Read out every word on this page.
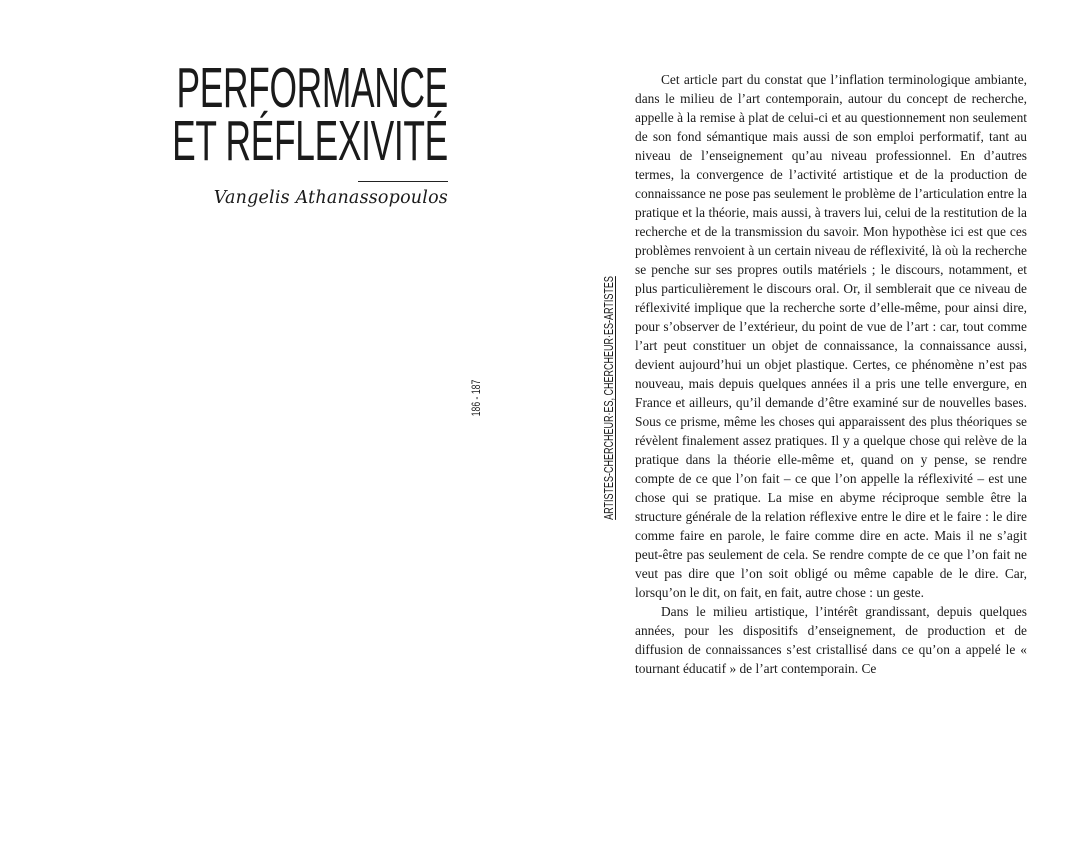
PERFORMANCE
ET RÉFLEXIVITÉ
Vangelis Athanassopoulos
186 - 187	ARTISTES-CHERCHEUR·ES, CHERCHEUR·ES-ARTISTES

Cet article part du constat que l’inflation terminologique ambiante, dans le milieu de l’art contemporain, autour du concept de recherche, appelle à la remise à plat de celui-ci et au questionnement non seulement de son fond sémantique mais aussi de son emploi performatif, tant au niveau de l’enseignement qu’au niveau professionnel. En d’autres termes, la convergence de l’activité artistique et de la production de connaissance ne pose pas seulement le problème de l’articulation entre la pratique et la théorie, mais aussi, à travers lui, celui de la restitution de la recherche et de la transmission du savoir. Mon hypothèse ici est que ces problèmes renvoient à un certain niveau de réflexivité, là où la recherche se penche sur ses propres outils matériels ; le discours, notamment, et plus particulièrement le discours oral. Or, il semblerait que ce niveau de réflexivité implique que la recherche sorte d’elle-même, pour ainsi dire, pour s’observer de l’extérieur, du point de vue de l’art : car, tout comme l’art peut constituer un objet de connaissance, la connaissance aussi, devient aujourd’hui un objet plastique. Certes, ce phénomène n’est pas nouveau, mais depuis quelques années il a pris une telle envergure, en France et ailleurs, qu’il demande d’être examiné sur de nouvelles bases. Sous ce prisme, même les choses qui apparaissent des plus théoriques se révèlent finalement assez pratiques. Il y a quelque chose qui relève de la pratique dans la théorie elle-même et, quand on y pense, se rendre compte de ce que l’on fait – ce que l’on appelle la réflexivité – est une chose qui se pratique. La mise en abyme réciproque semble être la structure générale de la relation réflexive entre le dire et le faire : le dire comme faire en parole, le faire comme dire en acte. Mais il ne s’agit peut-être pas seulement de cela. Se rendre compte de ce que l’on fait ne veut pas dire que l’on soit obligé ou même capable de le dire. Car, lorsqu’on le dit, on fait, en fait, autre chose : un geste.

Dans le milieu artistique, l’intérêt grandissant, depuis quelques années, pour les dispositifs d’enseignement, de production et de diffusion de connaissances s’est cristallisé dans ce qu’on a appelé le « tournant éducatif » de l’art contemporain. Ce
